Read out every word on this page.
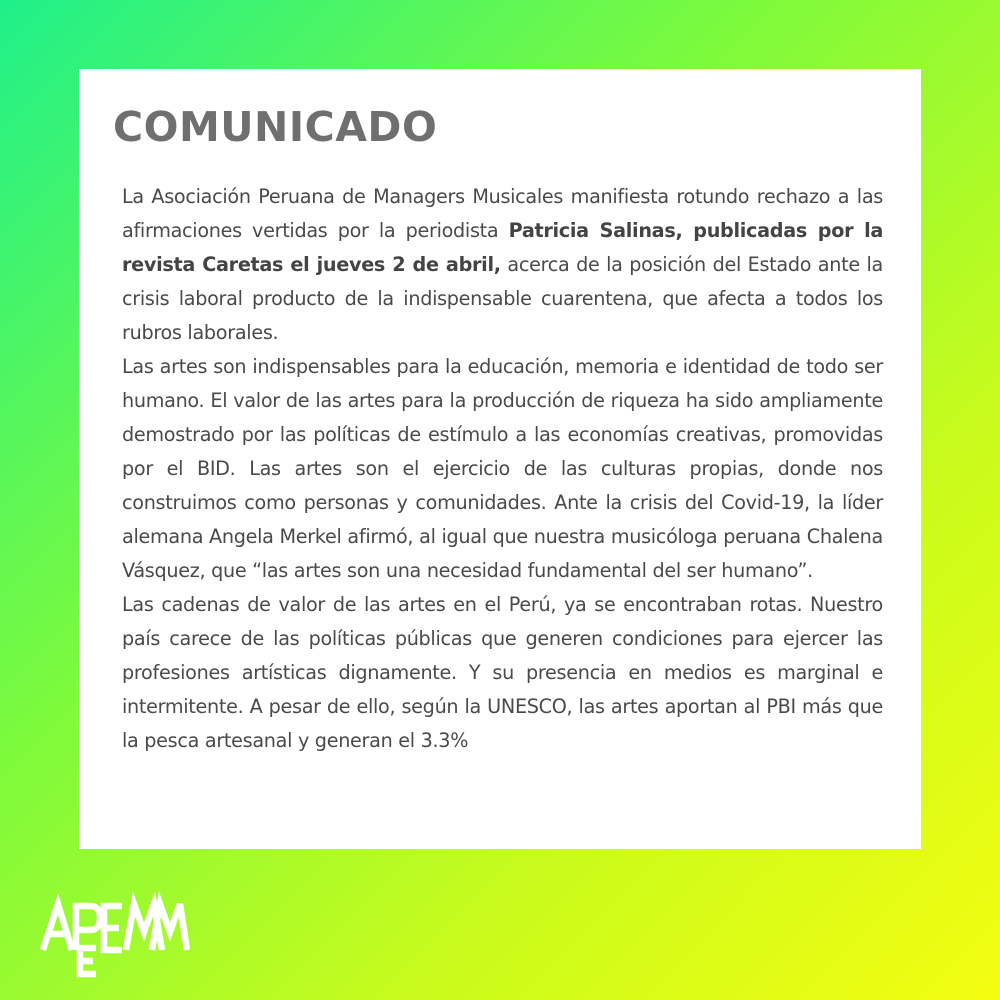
COMUNICADO

La Asociación Peruana de Managers Musicales manifiesta rotundo rechazo a las afirmaciones vertidas por la periodista Patricia Salinas, publicadas por la revista Caretas el jueves 2 de abril, acerca de la posición del Estado ante la crisis laboral producto de la indispensable cuarentena, que afecta a todos los rubros laborales.

Las artes son indispensables para la educación, memoria e identidad de todo ser humano. El valor de las artes para la producción de riqueza ha sido ampliamente demostrado por las políticas de estímulo a las economías creativas, promovidas por el BID. Las artes son el ejercicio de las culturas propias, donde nos construimos como personas y comunidades. Ante la crisis del Covid-19, la líder alemana Angela Merkel afirmó, al igual que nuestra musicóloga peruana Chalena Vásquez, que “las artes son una necesidad fundamental del ser humano”.

Las cadenas de valor de las artes en el Perú, ya se encontraban rotas. Nuestro país carece de las políticas públicas que generen condiciones para ejercer las profesiones artísticas dignamente. Y su presencia en medios es marginal e intermitente. A pesar de ello, según la UNESCO, las artes aportan al PBI más que la pesca artesanal y generan el 3.3%
